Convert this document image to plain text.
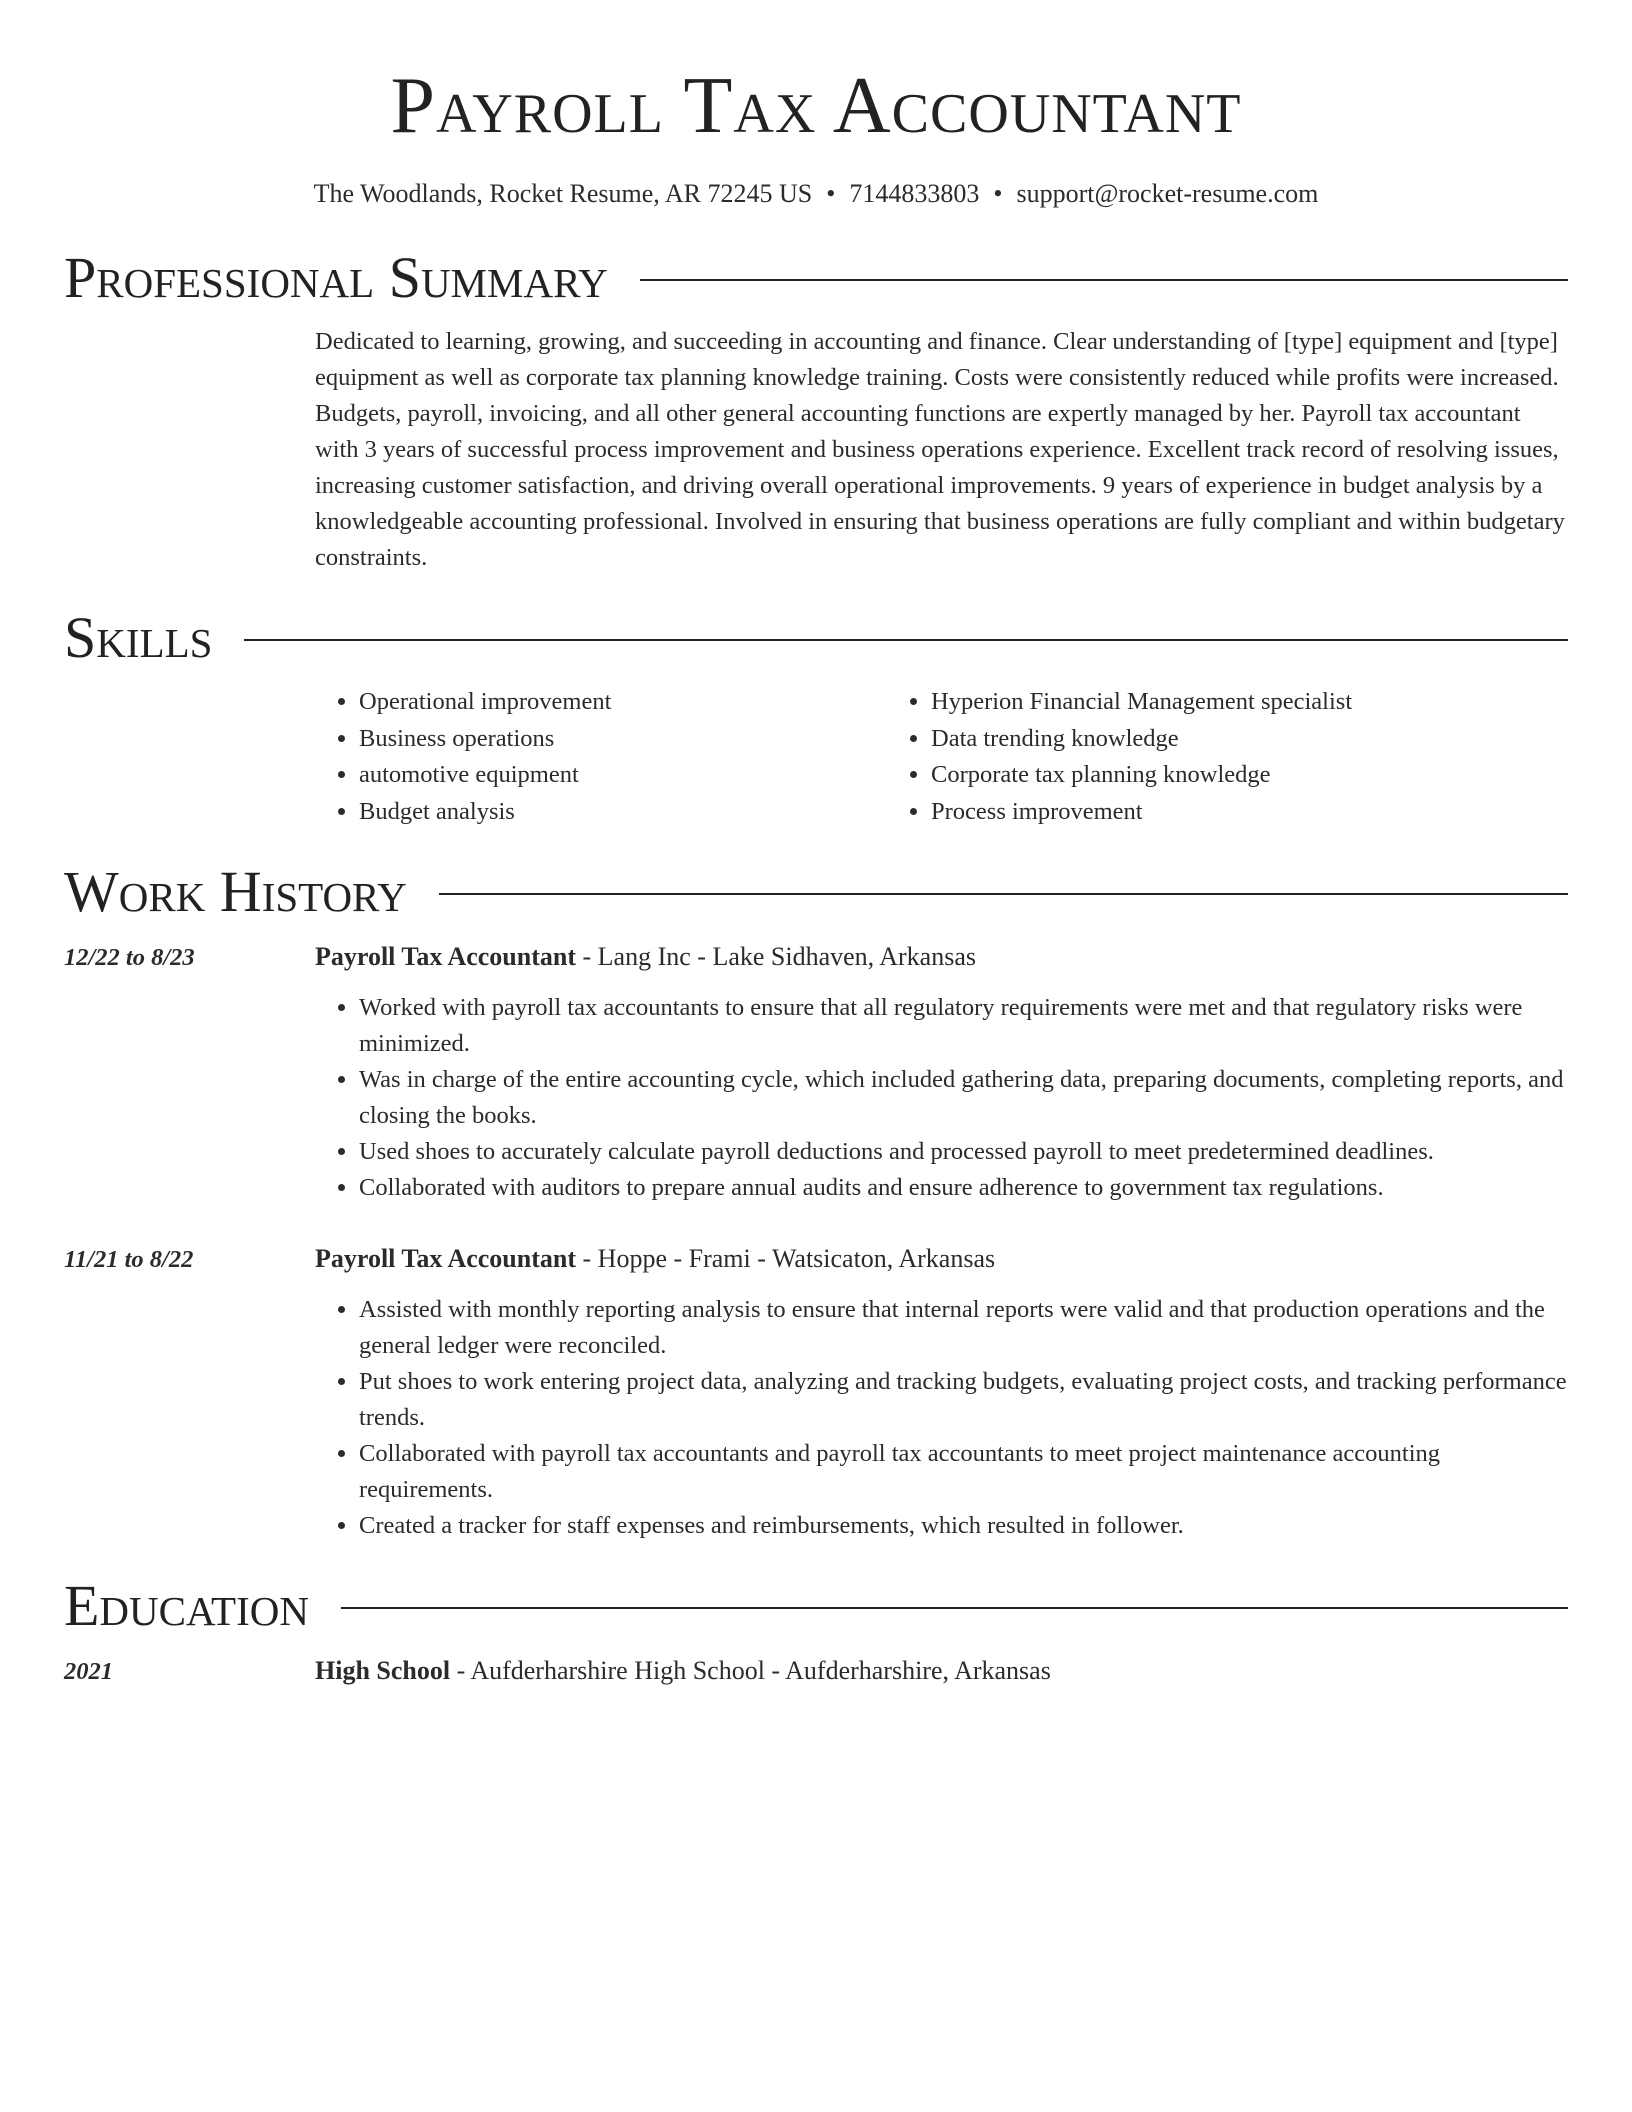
Payroll Tax Accountant
The Woodlands, Rocket Resume, AR 72245 US • 7144833803 • support@rocket-resume.com
Professional Summary
Dedicated to learning, growing, and succeeding in accounting and finance. Clear understanding of [type] equipment and [type] equipment as well as corporate tax planning knowledge training. Costs were consistently reduced while profits were increased. Budgets, payroll, invoicing, and all other general accounting functions are expertly managed by her. Payroll tax accountant with 3 years of successful process improvement and business operations experience. Excellent track record of resolving issues, increasing customer satisfaction, and driving overall operational improvements. 9 years of experience in budget analysis by a knowledgeable accounting professional. Involved in ensuring that business operations are fully compliant and within budgetary constraints.
Skills
• Operational improvement
• Business operations
• automotive equipment
• Budget analysis
• Hyperion Financial Management specialist
• Data trending knowledge
• Corporate tax planning knowledge
• Process improvement
Work History
12/22 to 8/23	Payroll Tax Accountant - Lang Inc - Lake Sidhaven, Arkansas
• Worked with payroll tax accountants to ensure that all regulatory requirements were met and that regulatory risks were minimized.
• Was in charge of the entire accounting cycle, which included gathering data, preparing documents, completing reports, and closing the books.
• Used shoes to accurately calculate payroll deductions and processed payroll to meet predetermined deadlines.
• Collaborated with auditors to prepare annual audits and ensure adherence to government tax regulations.
11/21 to 8/22	Payroll Tax Accountant - Hoppe - Frami - Watsicaton, Arkansas
• Assisted with monthly reporting analysis to ensure that internal reports were valid and that production operations and the general ledger were reconciled.
• Put shoes to work entering project data, analyzing and tracking budgets, evaluating project costs, and tracking performance trends.
• Collaborated with payroll tax accountants and payroll tax accountants to meet project maintenance accounting requirements.
• Created a tracker for staff expenses and reimbursements, which resulted in follower.
Education
2021	High School - Aufderharshire High School - Aufderharshire, Arkansas
